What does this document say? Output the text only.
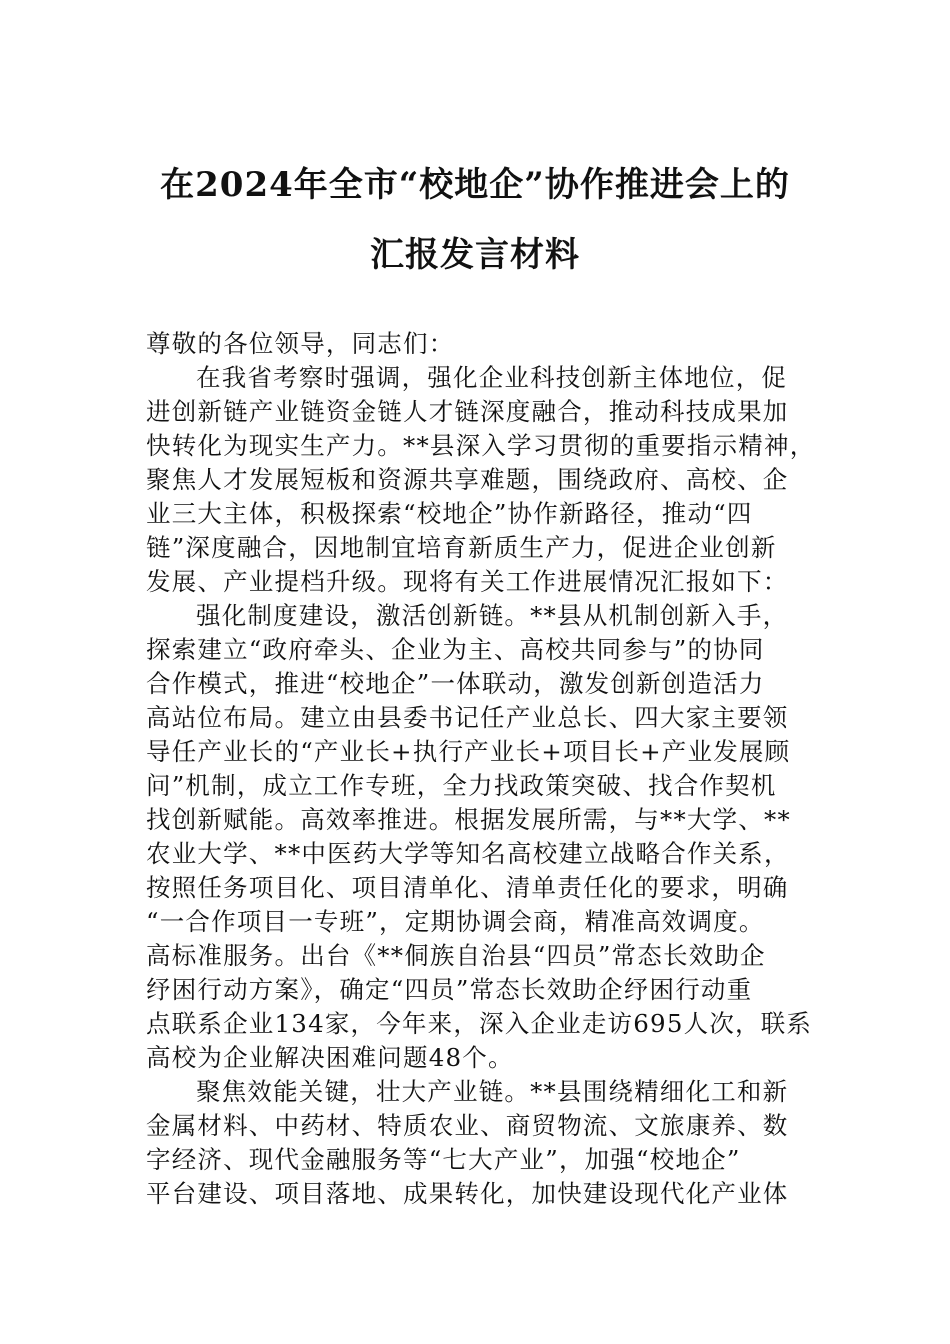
在2024年全市“校地企”协作推进会上的
汇报发言材料
尊敬的各位领导，同志们：
在我省考察时强调，强化企业科技创新主体地位，促
进创新链产业链资金链人才链深度融合，推动科技成果加
快转化为现实生产力。**县深入学习贯彻的重要指示精神，
聚焦人才发展短板和资源共享难题，围绕政府、高校、企
业三大主体，积极探索“校地企”协作新路径，推动“四
链”深度融合，因地制宜培育新质生产力，促进企业创新
发展、产业提档升级。现将有关工作进展情况汇报如下：
强化制度建设，激活创新链。**县从机制创新入手，
探索建立“政府牵头、企业为主、高校共同参与”的协同
合作模式，推进“校地企”一体联动，激发创新创造活力
高站位布局。建立由县委书记任产业总长、四大家主要领
导任产业长的“产业长+执行产业长+项目长+产业发展顾
问”机制，成立工作专班，全力找政策突破、找合作契机
找创新赋能。高效率推进。根据发展所需，与**大学、**
农业大学、**中医药大学等知名高校建立战略合作关系，
按照任务项目化、项目清单化、清单责任化的要求，明确
“一合作项目一专班”，定期协调会商，精准高效调度。
高标准服务。出台《**侗族自治县“四员”常态长效助企
纾困行动方案》，确定“四员”常态长效助企纾困行动重
点联系企业134家，今年来，深入企业走访695人次，联系
高校为企业解决困难问题48个。
聚焦效能关键，壮大产业链。**县围绕精细化工和新
金属材料、中药材、特质农业、商贸物流、文旅康养、数
字经济、现代金融服务等“七大产业”，加强“校地企”
平台建设、项目落地、成果转化，加快建设现代化产业体
